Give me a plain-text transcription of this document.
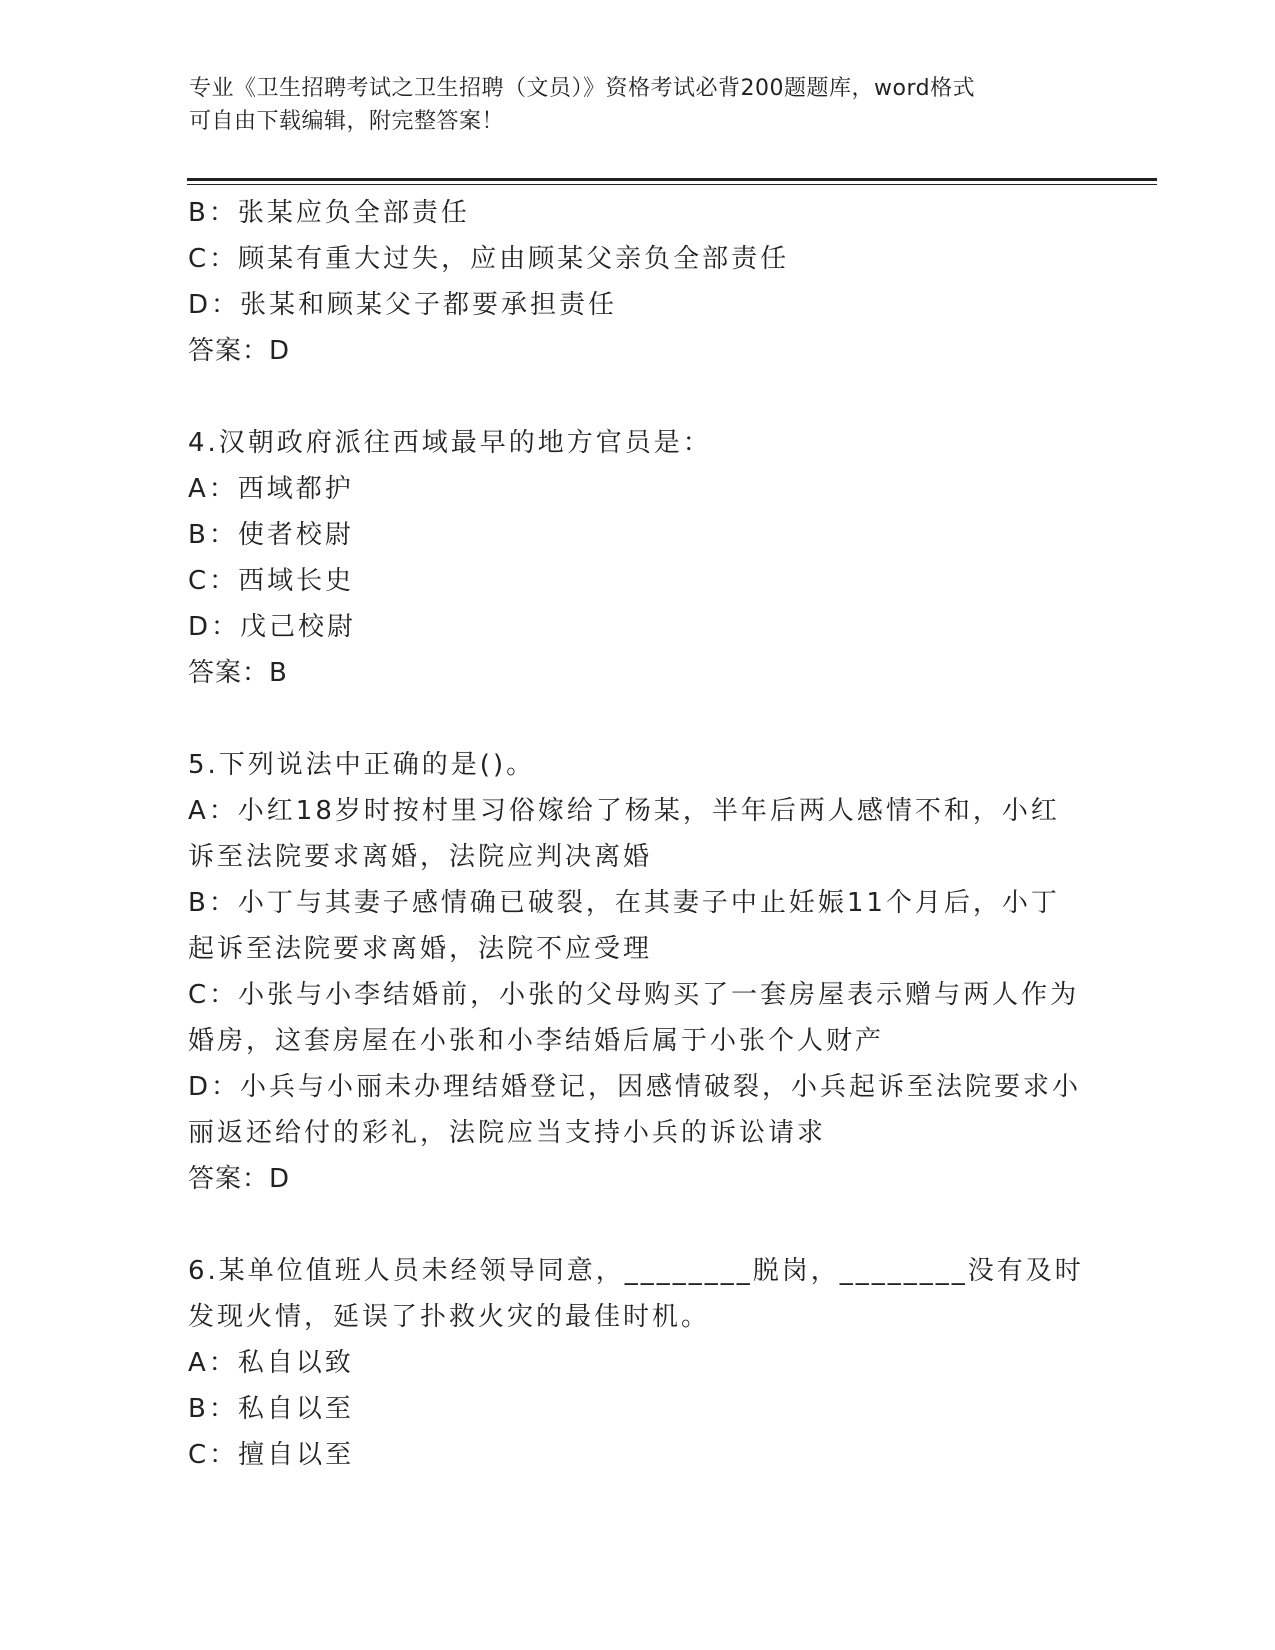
专业《卫生招聘考试之卫生招聘（文员）》资格考试必背200题题库，word格式
可自由下载编辑，附完整答案！
B：张某应负全部责任
C：顾某有重大过失，应由顾某父亲负全部责任
D：张某和顾某父子都要承担责任
答案：D
4.汉朝政府派往西域最早的地方官员是：
A：西域都护
B：使者校尉
C：西域长史
D：戊己校尉
答案：B
5.下列说法中正确的是()。
A：小红18岁时按村里习俗嫁给了杨某，半年后两人感情不和，小红
诉至法院要求离婚，法院应判决离婚
B：小丁与其妻子感情确已破裂，在其妻子中止妊娠11个月后，小丁
起诉至法院要求离婚，法院不应受理
C：小张与小李结婚前，小张的父母购买了一套房屋表示赠与两人作为
婚房，这套房屋在小张和小李结婚后属于小张个人财产
D：小兵与小丽未办理结婚登记，因感情破裂，小兵起诉至法院要求小
丽返还给付的彩礼，法院应当支持小兵的诉讼请求
答案：D
6.某单位值班人员未经领导同意，________脱岗，________没有及时
发现火情，延误了扑救火灾的最佳时机。
A：私自以致
B：私自以至
C：擅自以至
